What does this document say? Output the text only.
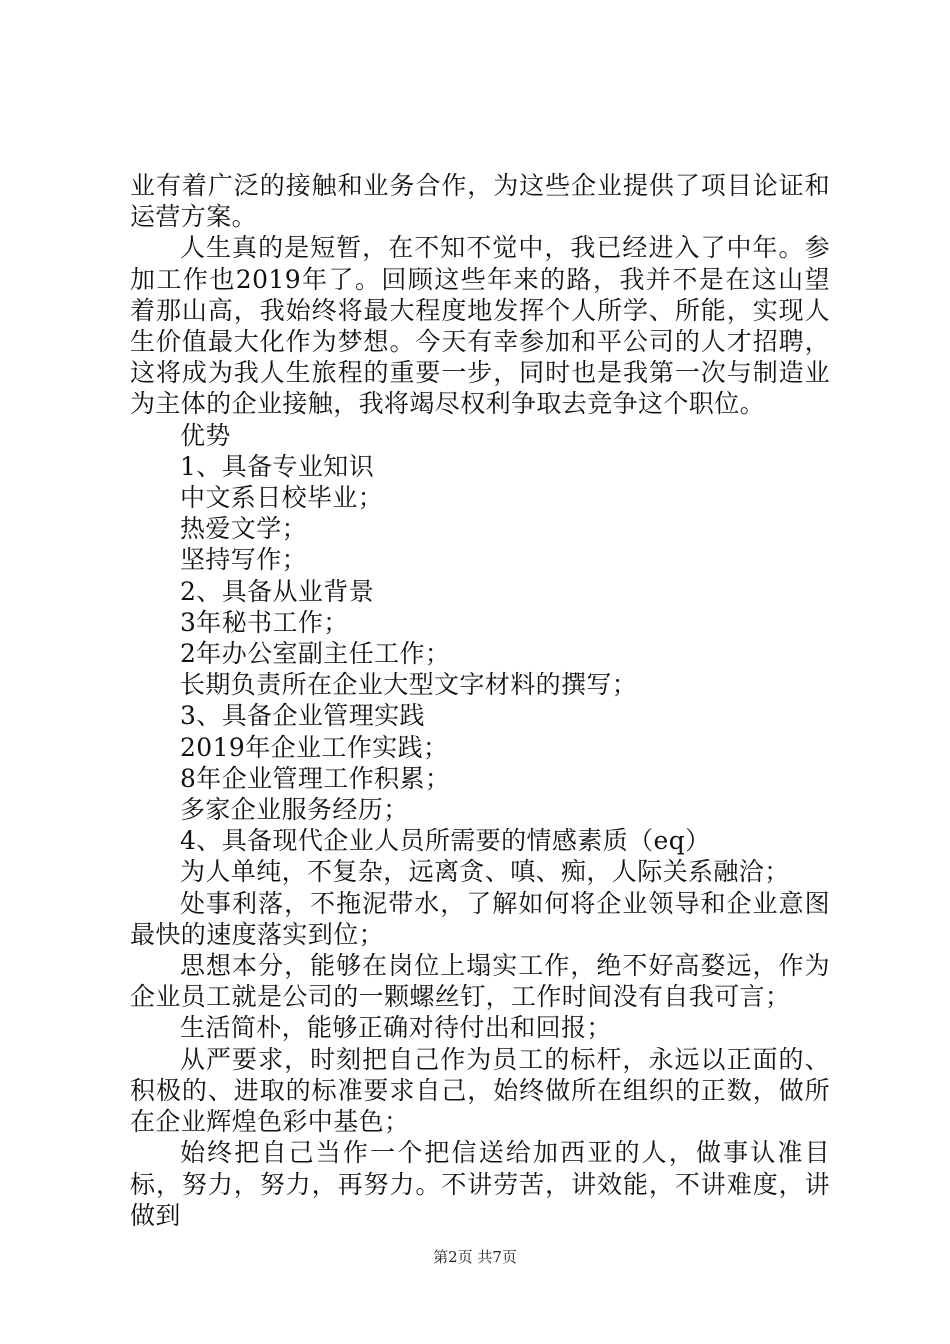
业有着广泛的接触和业务合作，为这些企业提供了项目论证和运营方案。

人生真的是短暂，在不知不觉中，我已经进入了中年。参加工作也2019年了。回顾这些年来的路，我并不是在这山望着那山高，我始终将最大程度地发挥个人所学、所能，实现人生价值最大化作为梦想。今天有幸参加和平公司的人才招聘，这将成为我人生旅程的重要一步，同时也是我第一次与制造业为主体的企业接触，我将竭尽权利争取去竞争这个职位。

优势

1、具备专业知识

中文系日校毕业；

热爱文学；

坚持写作；

2、具备从业背景

3年秘书工作；

2年办公室副主任工作；

长期负责所在企业大型文字材料的撰写；

3、具备企业管理实践

2019年企业工作实践；

8年企业管理工作积累；

多家企业服务经历；

4、具备现代企业人员所需要的情感素质（eq）

为人单纯，不复杂，远离贪、嗔、痴，人际关系融洽；

处事利落，不拖泥带水，了解如何将企业领导和企业意图最快的速度落实到位；

思想本分，能够在岗位上塌实工作，绝不好高婺远，作为企业员工就是公司的一颗螺丝钉，工作时间没有自我可言；

生活简朴，能够正确对待付出和回报；

从严要求，时刻把自己作为员工的标杆，永远以正面的、积极的、进取的标准要求自己，始终做所在组织的正数，做所在企业辉煌色彩中基色；

始终把自己当作一个把信送给加西亚的人，做事认准目标，努力，努力，再努力。不讲劳苦，讲效能，不讲难度，讲做到

第2页 共7页
